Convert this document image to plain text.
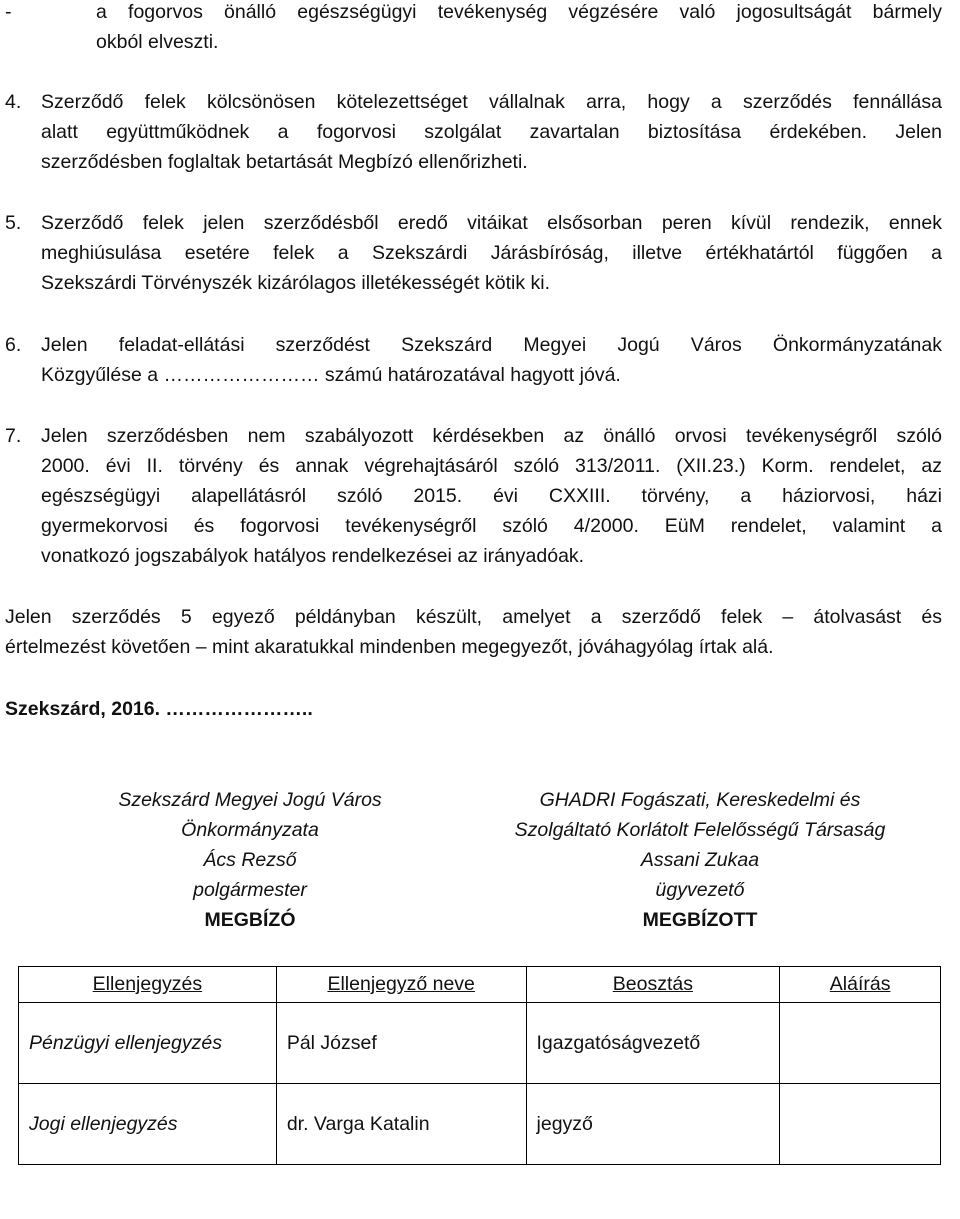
-	a fogorvos önálló egészségügyi tevékenység végzésére való jogosultságát bármely
okból elveszti.
4. Szerződő felek kölcsönösen kötelezettséget vállalnak arra, hogy a szerződés fennállása
alatt együttműködnek a fogorvosi szolgálat zavartalan biztosítása érdekében. Jelen
szerződésben foglaltak betartását Megbízó ellenőrizheti.
5. Szerződő felek jelen szerződésből eredő vitáikat elsősorban peren kívül rendezik, ennek
meghiúsulása esetére felek a Szekszárdi Járásbíróság, illetve értékhatártól függően a
Szekszárdi Törvényszék kizárólagos illetékességét kötik ki.
6. Jelen feladat-ellátási szerződést Szekszárd Megyei Jogú Város Önkormányzatának
Közgyűlése a …………………… számú határozatával hagyott jóvá.
7. Jelen szerződésben nem szabályozott kérdésekben az önálló orvosi tevékenységről szóló
2000. évi II. törvény és annak végrehajtásáról szóló 313/2011. (XII.23.) Korm. rendelet, az
egészségügyi alapellátásról szóló 2015. évi CXXIII. törvény, a háziorvosi, házi
gyermekorvosi és fogorvosi tevékenységről szóló 4/2000. EüM rendelet, valamint a
vonatkozó jogszabályok hatályos rendelkezései az irányadóak.
Jelen szerződés 5 egyező példányban készült, amelyet a szerződő felek – átolvasást és
értelmezést követően – mint akaratukkal mindenben megegyezőt, jóváhagyólag írtak alá.
Szekszárd, 2016. …………………..
Szekszárd Megyei Jogú Város
Önkormányzata
Ács Rezső
polgármester
MEGBÍZÓ
GHADRI Fogászati, Kereskedelmi és
Szolgáltató Korlátolt Felelősségű Társaság
Assani Zukaa
ügyvezető
MEGBÍZOTT
Ellenjegyzés	Ellenjegyző neve	Beosztás	Aláírás
Pénzügyi ellenjegyzés	Pál József	Igazgatóságvezető	
Jogi ellenjegyzés	dr. Varga Katalin	jegyző	
